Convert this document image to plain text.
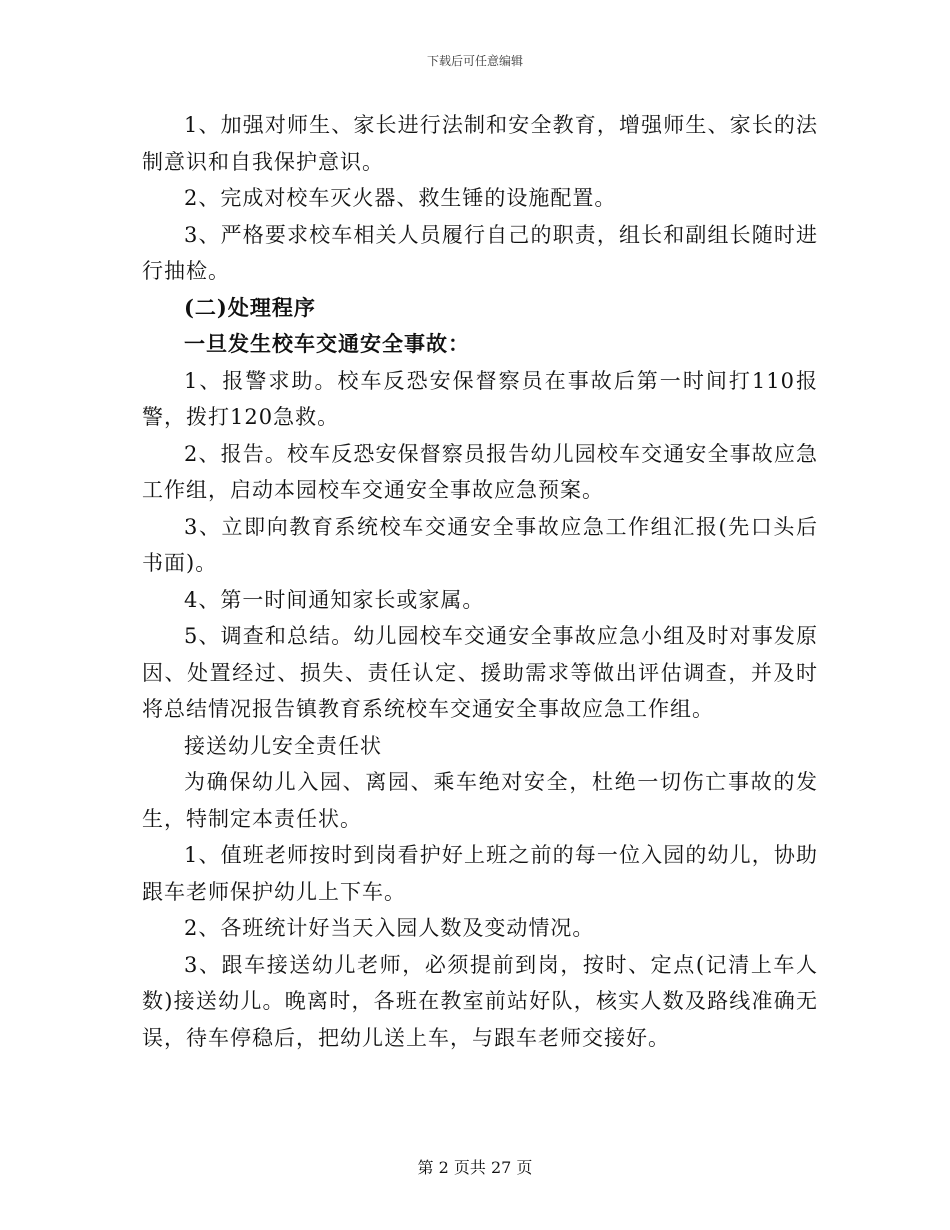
下载后可任意编辑

1、加强对师生、家长进行法制和安全教育，增强师生、家长的法制意识和自我保护意识。

2、完成对校车灭火器、救生锤的设施配置。

3、严格要求校车相关人员履行自己的职责，组长和副组长随时进行抽检。

(二)处理程序

一旦发生校车交通安全事故：

1、报警求助。校车反恐安保督察员在事故后第一时间打110报警，拨打120急救。

2、报告。校车反恐安保督察员报告幼儿园校车交通安全事故应急工作组，启动本园校车交通安全事故应急预案。

3、立即向教育系统校车交通安全事故应急工作组汇报(先口头后书面)。

4、第一时间通知家长或家属。

5、调查和总结。幼儿园校车交通安全事故应急小组及时对事发原因、处置经过、损失、责任认定、援助需求等做出评估调查，并及时将总结情况报告镇教育系统校车交通安全事故应急工作组。

接送幼儿安全责任状

为确保幼儿入园、离园、乘车绝对安全，杜绝一切伤亡事故的发生，特制定本责任状。

1、值班老师按时到岗看护好上班之前的每一位入园的幼儿，协助跟车老师保护幼儿上下车。

2、各班统计好当天入园人数及变动情况。

3、跟车接送幼儿老师，必须提前到岗，按时、定点(记清上车人数)接送幼儿。晚离时，各班在教室前站好队，核实人数及路线准确无误，待车停稳后，把幼儿送上车，与跟车老师交接好。

第 2 页共 27 页
